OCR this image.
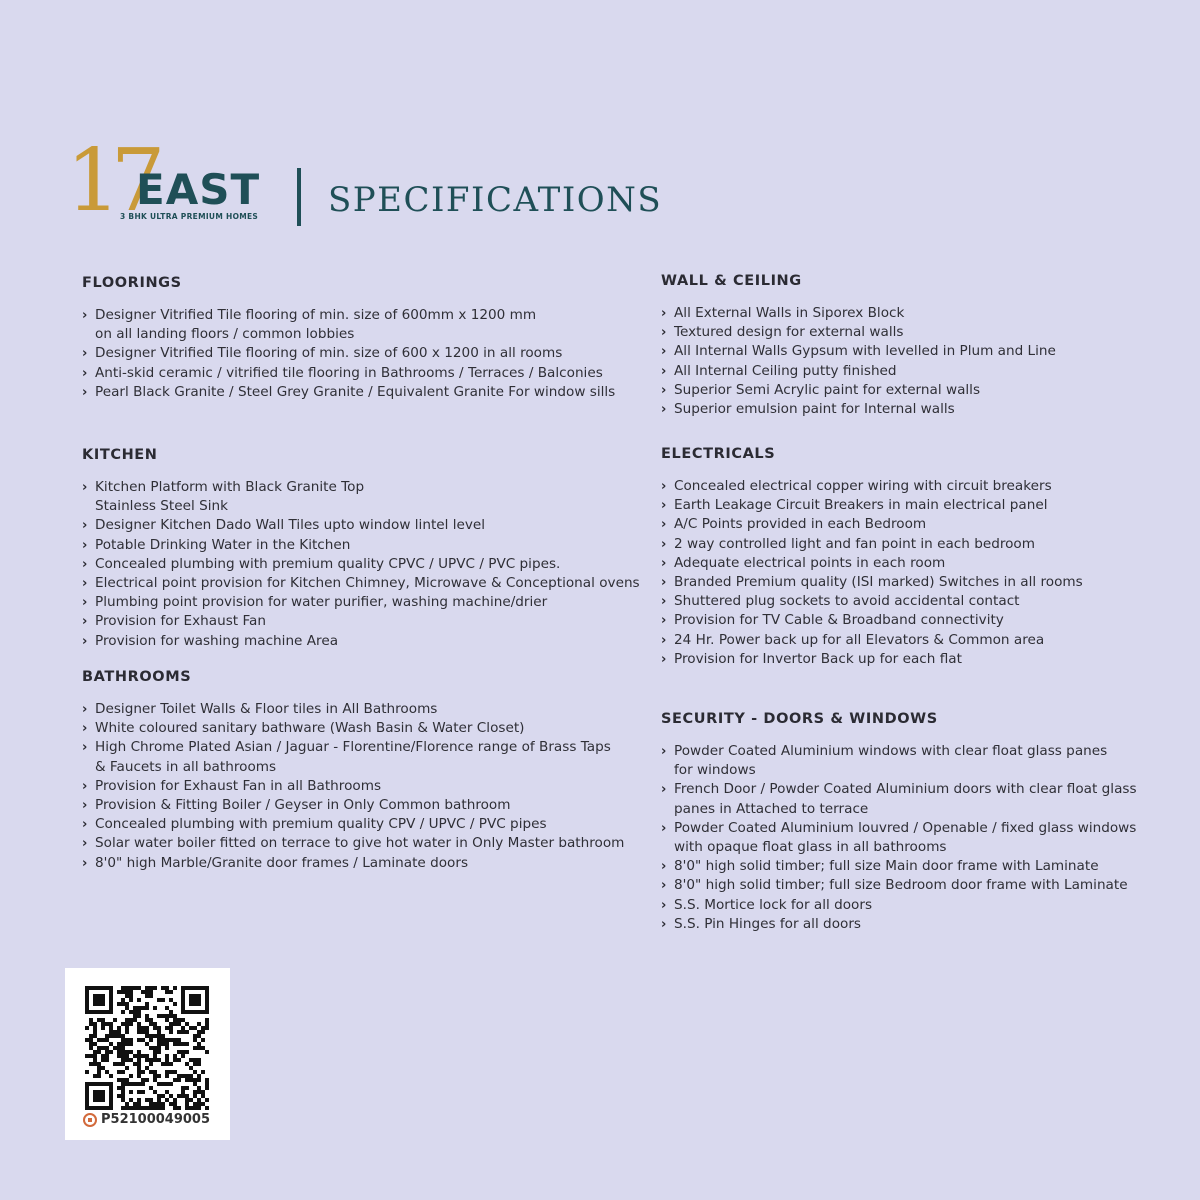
17
EAST
3 BHK ULTRA PREMIUM HOMES SPECIFICATIONS
FLOORINGS
› Designer Vitrified Tile flooring of min. size of 600mm x 1200 mm
on all landing floors / common lobbies
› Designer Vitrified Tile flooring of min. size of 600 x 1200 in all rooms
› Anti-skid ceramic / vitrified tile flooring in Bathrooms / Terraces / Balconies
› Pearl Black Granite / Steel Grey Granite / Equivalent Granite For window sills
KITCHEN
› Kitchen Platform with Black Granite Top
Stainless Steel Sink
› Designer Kitchen Dado Wall Tiles upto window lintel level
› Potable Drinking Water in the Kitchen
› Concealed plumbing with premium quality CPVC / UPVC / PVC pipes.
› Electrical point provision for Kitchen Chimney, Microwave & Conceptional ovens
› Plumbing point provision for water purifier, washing machine/drier
› Provision for Exhaust Fan
› Provision for washing machine Area
BATHROOMS
› Designer Toilet Walls & Floor tiles in All Bathrooms
› White coloured sanitary bathware (Wash Basin & Water Closet)
› High Chrome Plated Asian / Jaguar - Florentine/Florence range of Brass Taps
& Faucets in all bathrooms
› Provision for Exhaust Fan in all Bathrooms
› Provision & Fitting Boiler / Geyser in Only Common bathroom
› Concealed plumbing with premium quality CPV / UPVC / PVC pipes
› Solar water boiler fitted on terrace to give hot water in Only Master bathroom
› 8'0" high Marble/Granite door frames / Laminate doors
WALL & CEILING
› All External Walls in Siporex Block
› Textured design for external walls
› All Internal Walls Gypsum with levelled in Plum and Line
› All Internal Ceiling putty finished
› Superior Semi Acrylic paint for external walls
› Superior emulsion paint for Internal walls
ELECTRICALS
› Concealed electrical copper wiring with circuit breakers
› Earth Leakage Circuit Breakers in main electrical panel
› A/C Points provided in each Bedroom
› 2 way controlled light and fan point in each bedroom
› Adequate electrical points in each room
› Branded Premium quality (ISI marked) Switches in all rooms
› Shuttered plug sockets to avoid accidental contact
› Provision for TV Cable & Broadband connectivity
› 24 Hr. Power back up for all Elevators & Common area
› Provision for Invertor Back up for each flat
SECURITY - DOORS & WINDOWS
› Powder Coated Aluminium windows with clear float glass panes
for windows
› French Door / Powder Coated Aluminium doors with clear float glass
panes in Attached to terrace
› Powder Coated Aluminium louvred / Openable / fixed glass windows
with opaque float glass in all bathrooms
› 8'0" high solid timber; full size Main door frame with Laminate
› 8'0" high solid timber; full size Bedroom door frame with Laminate
› S.S. Mortice lock for all doors
› S.S. Pin Hinges for all doors
P52100049005
